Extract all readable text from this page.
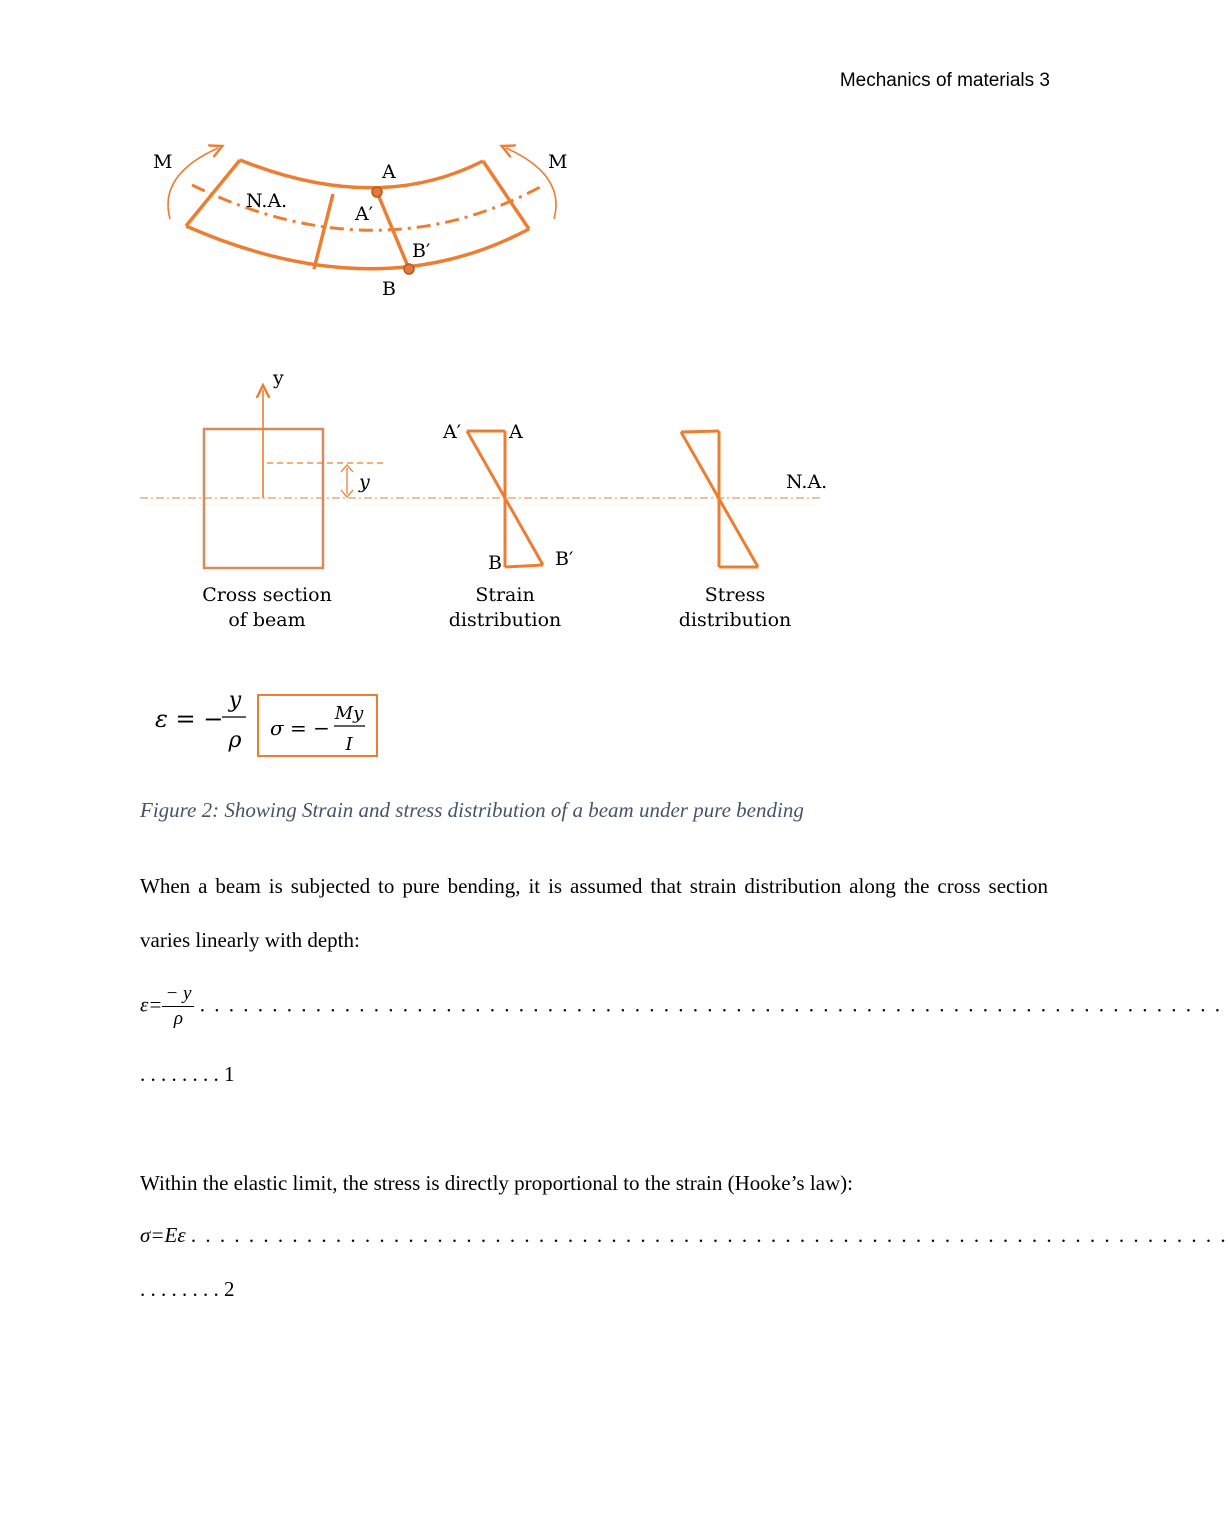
Mechanics of materials 3
M	M
N.A.
A
A′
B′
B
N.A.
y
y
Cross section
of beam
A′	A
B	B′
Strain
distribution
Stress
distribution
ε = −
y
ρ σ = −
My
I
Figure 2: Showing Strain and stress distribution of a beam under pure bending
When a beam is subjected to pure bending, it is assumed that strain distribution along the cross section varies linearly with depth:
$\varepsilon= \frac{- y}{\rho}$ . . . . . . . . . . . . . . . . . . . . . . . . . . . . . . . . . . . . . . . . . . . . . . . . . . . . . . . . . . . . . . . . . . . . . . .
. . . . . . . . 1
Within the elastic limit, the stress is directly proportional to the strain (Hooke’s law):
σ=Eε . . . . . . . . . . . . . . . . . . . . . . . . . . . . . . . . . . . . . . . . . . . . . . . . . . . . . . . . . . . . . . . . . . . . . . . .
. . . . . . . . 2
